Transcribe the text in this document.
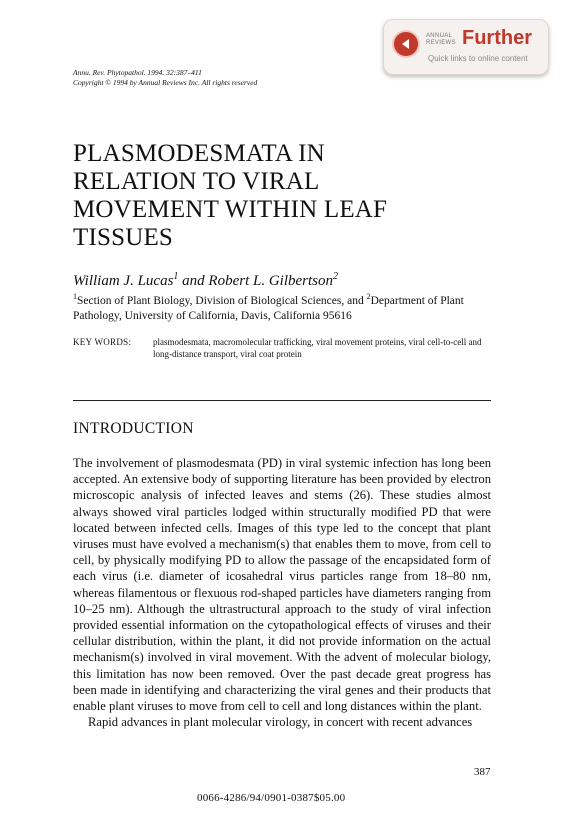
ANNUAL
REVIEWS Further
Quick links to online content
Annu. Rev. Phytopathol. 1994. 32:387–411
Copyright © 1994 by Annual Reviews Inc. All rights reserved
PLASMODESMATA IN
RELATION TO VIRAL
MOVEMENT WITHIN LEAF
TISSUES
William J. Lucas$^1$ and Robert L. Gilbertson$^2$
$^1$Section of Plant Biology, Division of Biological Sciences, and $^2$Department of Plant Pathology, University of California, Davis, California 95616
KEY WORDS: plasmodesmata, macromolecular trafficking, viral movement proteins, viral cell-to-cell and long-distance transport, viral coat protein
INTRODUCTION

The involvement of plasmodesmata (PD) in viral systemic infection has long been accepted. An extensive body of supporting literature has been provided by electron microscopic analysis of infected leaves and stems (26). These studies almost always showed viral particles lodged within structurally modified PD that were located between infected cells. Images of this type led to the concept that plant viruses must have evolved a mechanism(s) that enables them to move, from cell to cell, by physically modifying PD to allow the passage of the encapsidated form of each virus (i.e. diameter of icosahedral virus particles range from 18–80 nm, whereas filamentous or flexuous rod-shaped particles have diameters ranging from 10–25 nm). Although the ultrastructural approach to the study of viral infection provided essential information on the cytopathological effects of viruses and their cellular distribution, within the plant, it did not provide information on the actual mechanism(s) involved in viral movement. With the advent of molecular biology, this limitation has now been removed. Over the past decade great progress has been made in identifying and characterizing the viral genes and their products that enable plant viruses to move from cell to cell and long distances within the plant.

Rapid advances in plant molecular virology, in concert with recent advances

387
0066-4286/94/0901-0387$05.00
